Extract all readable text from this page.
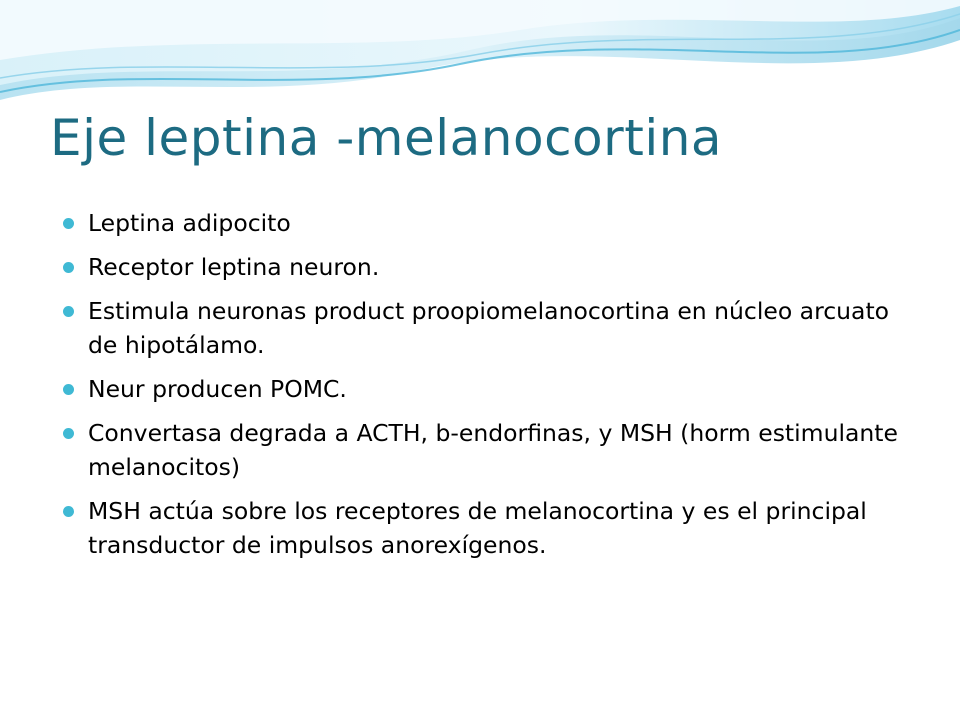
Eje leptina -melanocortina
Leptina adipocito
Receptor leptina neuron.
Estimula neuronas product proopiomelanocortina en núcleo arcuato de hipotálamo.
Neur producen POMC.
Convertasa degrada a ACTH, b-endorfinas, y MSH (horm estimulante melanocitos)
MSH actúa sobre los receptores de melanocortina y es el principal transductor de impulsos anorexígenos.
